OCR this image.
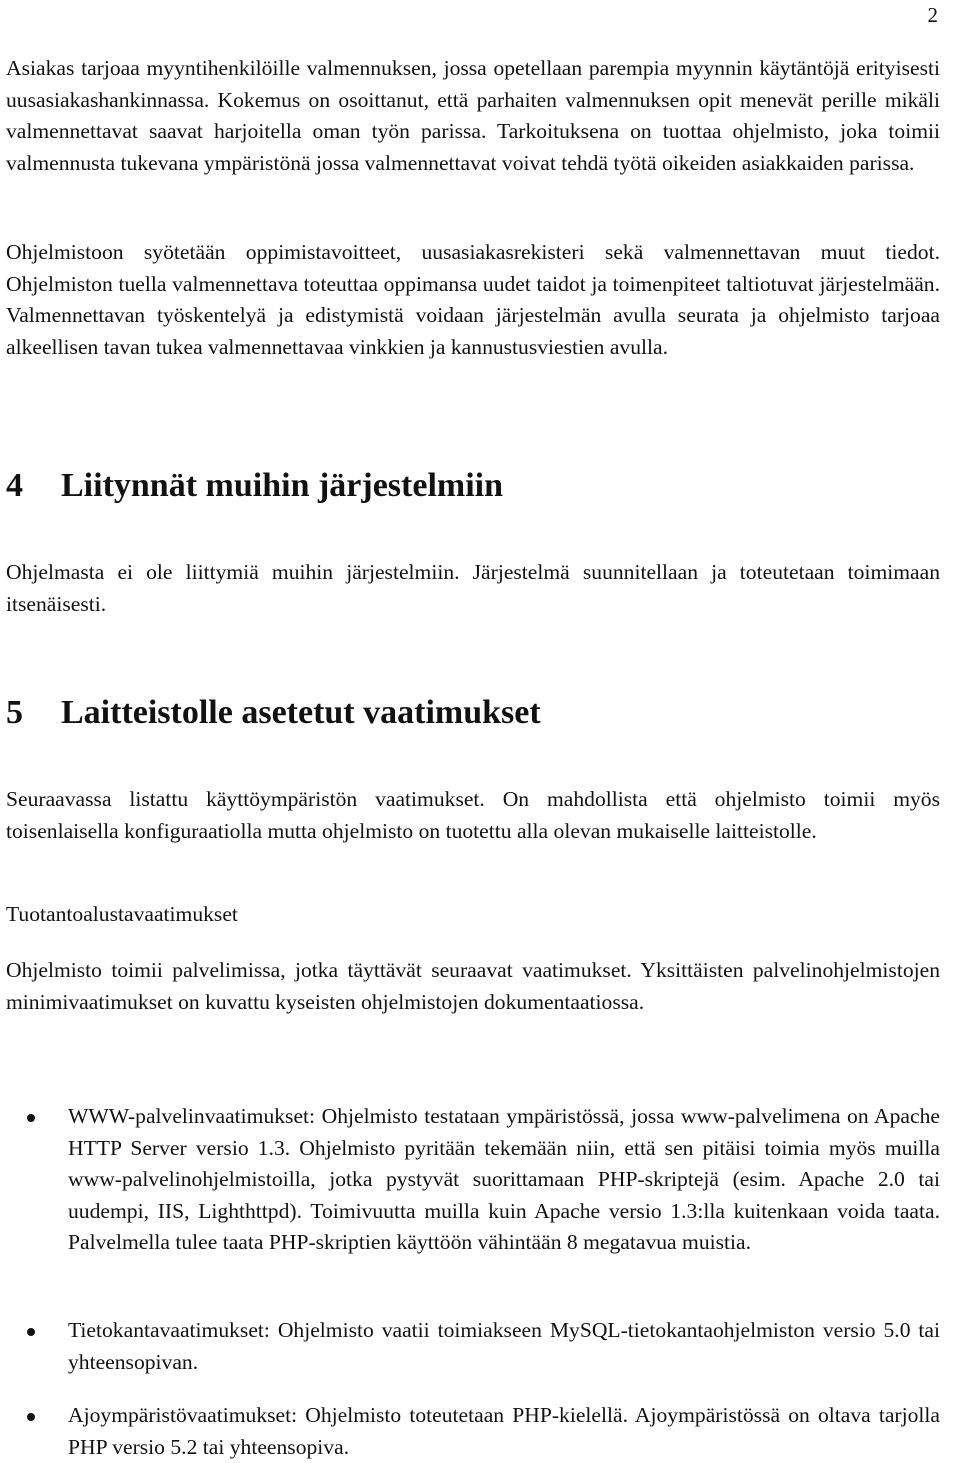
2

Asiakas tarjoaa myyntihenkilöille valmennuksen, jossa opetellaan parempia myynnin käytäntöjä erityisesti uusasiakashankinnassa. Kokemus on osoittanut, että parhaiten valmennuksen opit menevät perille mikäli valmennettavat saavat harjoitella oman työn parissa. Tarkoituksena on tuottaa ohjelmisto, joka toimii valmennusta tukevana ympäristönä jossa valmennettavat voivat tehdä työtä oikeiden asiakkaiden parissa.

Ohjelmistoon syötetään oppimistavoitteet, uusasiakasrekisteri sekä valmennettavan muut tiedot. Ohjelmiston tuella valmennettava toteuttaa oppimansa uudet taidot ja toimenpiteet taltiotuvat järjestelmään. Valmennettavan työskentelyä ja edistymistä voidaan järjestelmän avulla seurata ja ohjelmisto tarjoaa alkeellisen tavan tukea valmennettavaa vinkkien ja kannustusviestien avulla.

4 Liitynnät muihin järjestelmiin

Ohjelmasta ei ole liittymiä muihin järjestelmiin. Järjestelmä suunnitellaan ja toteutetaan toimimaan itsenäisesti.

5 Laitteistolle asetetut vaatimukset

Seuraavassa listattu käyttöympäristön vaatimukset. On mahdollista että ohjelmisto toimii myös toisenlaisella konfiguraatiolla mutta ohjelmisto on tuotettu alla olevan mukaiselle laitteistolle.

Tuotantoalustavaatimukset

Ohjelmisto toimii palvelimissa, jotka täyttävät seuraavat vaatimukset. Yksittäisten palvelinohjelmistojen minimivaatimukset on kuvattu kyseisten ohjelmistojen dokumentaatiossa.

WWW-palvelinvaatimukset: Ohjelmisto testataan ympäristössä, jossa www-palvelimena on Apache HTTP Server versio 1.3. Ohjelmisto pyritään tekemään niin, että sen pitäisi toimia myös muilla www-palvelinohjelmistoilla, jotka pystyvät suorittamaan PHP-skriptejä (esim. Apache 2.0 tai uudempi, IIS, Lighthttpd). Toimivuutta muilla kuin Apache versio 1.3:lla kuitenkaan voida taata. Palvelmella tulee taata PHP-skriptien käyttöön vähintään 8 megatavua muistia.
Tietokantavaatimukset: Ohjelmisto vaatii toimiakseen MySQL-tietokantaohjelmiston versio 5.0 tai yhteensopivan.
Ajoympäristövaatimukset: Ohjelmisto toteutetaan PHP-kielellä. Ajoympäristössä on oltava tarjolla PHP versio 5.2 tai yhteensopiva.
